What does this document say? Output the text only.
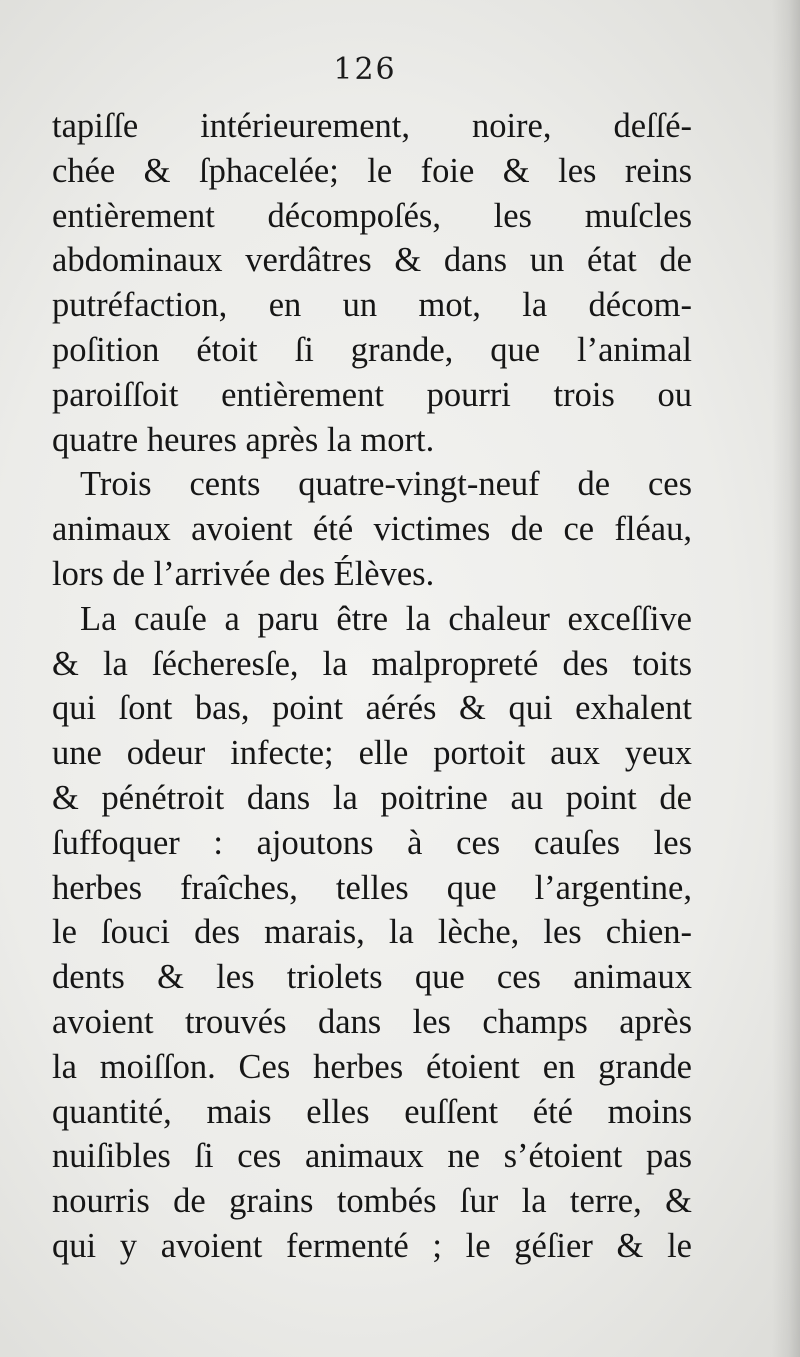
126
tapiſſe intérieurement, noire, deſſé-
chée & ſphacelée; le foie & les reins
entièrement décompoſés, les muſcles
abdominaux verdâtres & dans un état de
putréfaction, en un mot, la décom-
poſition étoit ſi grande, que l’animal
paroiſſoit entièrement pourri trois ou
quatre heures après la mort.
Trois cents quatre-vingt-neuf de ces
animaux avoient été victimes de ce fléau,
lors de l’arrivée des Élèves.
La cauſe a paru être la chaleur exceſſive
& la ſécheresſe, la malpropreté des toits
qui ſont bas, point aérés & qui exhalent
une odeur infecte; elle portoit aux yeux
& pénétroit dans la poitrine au point de
ſuffoquer : ajoutons à ces cauſes les
herbes fraîches, telles que l’argentine,
le ſouci des marais, la lèche, les chien-
dents & les triolets que ces animaux
avoient trouvés dans les champs après
la moiſſon. Ces herbes étoient en grande
quantité, mais elles euſſent été moins
nuiſibles ſi ces animaux ne s’étoient pas
nourris de grains tombés ſur la terre, &
qui y avoient fermenté ; le géſier & le
